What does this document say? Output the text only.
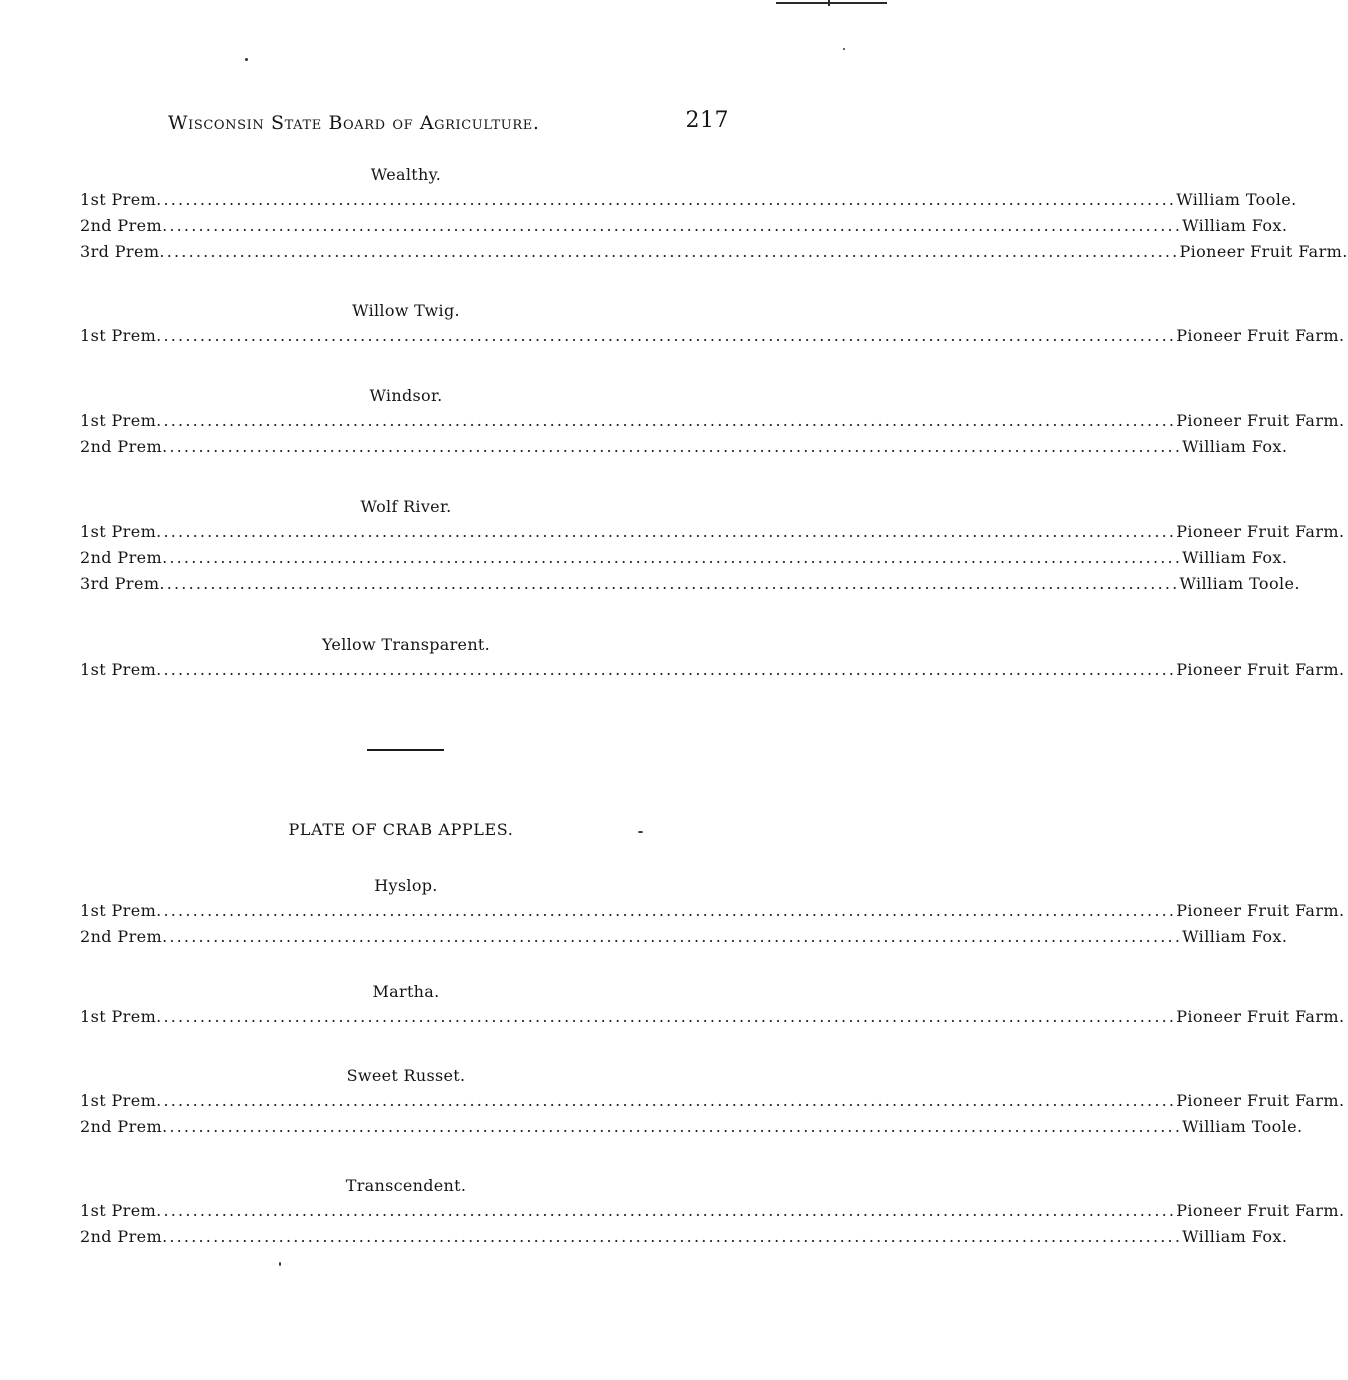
Wisconsin State Board of Agriculture.	217
Wealthy.
1st Prem ............................................................................................................................................ William Toole.
2nd Prem ............................................................................................................................................ William Fox.
3rd Prem ............................................................................................................................................ Pioneer Fruit Farm.
Willow Twig.
1st Prem ............................................................................................................................................ Pioneer Fruit Farm.
Windsor.
1st Prem ............................................................................................................................................ Pioneer Fruit Farm.
2nd Prem ............................................................................................................................................ William Fox.
Wolf River.
1st Prem ............................................................................................................................................ Pioneer Fruit Farm.
2nd Prem ............................................................................................................................................ William Fox.
3rd Prem ............................................................................................................................................ William Toole.
Yellow Transparent.
1st Prem ............................................................................................................................................ Pioneer Fruit Farm.
PLATE OF CRAB APPLES.
Hyslop.
1st Prem ............................................................................................................................................ Pioneer Fruit Farm.
2nd Prem ............................................................................................................................................ William Fox.
Martha.
1st Prem ............................................................................................................................................ Pioneer Fruit Farm.
Sweet Russet.
1st Prem ............................................................................................................................................ Pioneer Fruit Farm.
2nd Prem ............................................................................................................................................ William Toole.
Transcendent.
1st Prem ............................................................................................................................................ Pioneer Fruit Farm.
2nd Prem ............................................................................................................................................ William Fox.
